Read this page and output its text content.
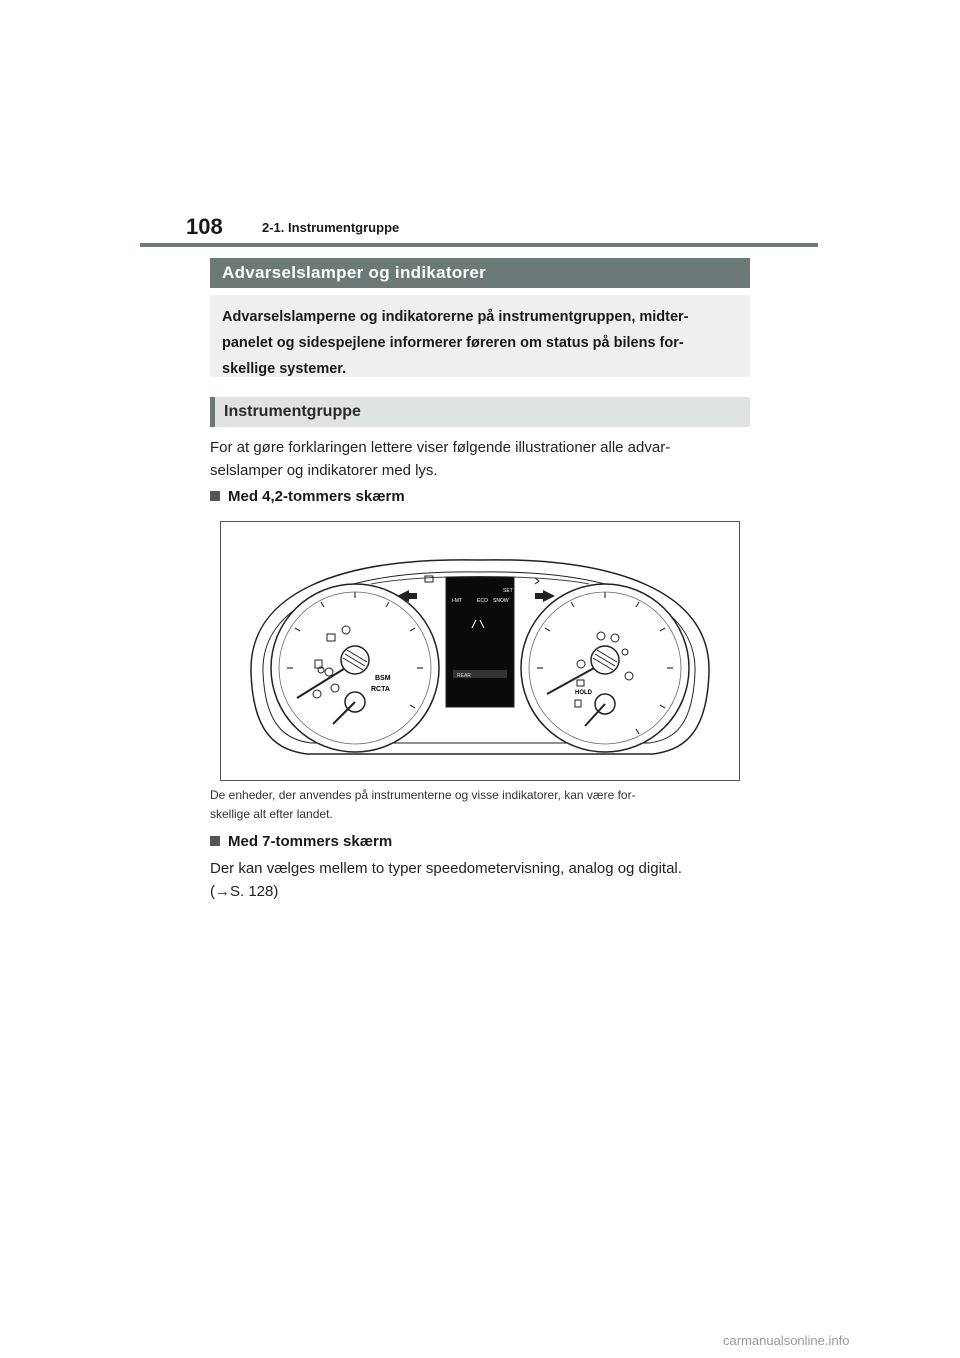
108	2-1. Instrumentgruppe
Advarselslamper og indikatorer
Advarselslamperne og indikatorerne på instrumentgruppen, midter-
panelet og sidespejlene informerer føreren om status på bilens for-
skellige systemer.
Instrumentgruppe
For at gøre forklaringen lettere viser følgende illustrationer alle advar-
selslamper og indikatorer med lys.
Med 4,2-tommers skærm
BSM
RCTA
i-MT	ECO SNOW
SET
REAR
HOLD
De enheder, der anvendes på instrumenterne og visse indikatorer, kan være for-
skellige alt efter landet.
Med 7-tommers skærm
Der kan vælges mellem to typer speedometervisning, analog og digital.
(→S. 128)
carmanualsonline.info
